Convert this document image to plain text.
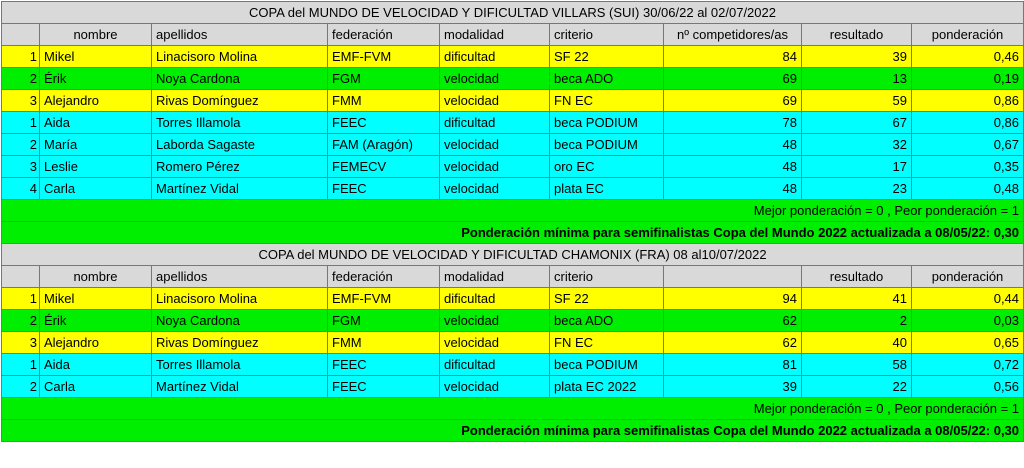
COPA del MUNDO DE VELOCIDAD Y DIFICULTAD VILLARS (SUI) 30/06/22 al 02/07/2022								
	nombre	apellidos	federación	modalidad	criterio	nº competidores/as	resultado	ponderación
1	Mikel	Linacisoro Molina	EMF-FVM	dificultad	SF 22	84	39	0,46
2	Érik	Noya Cardona	FGM	velocidad	beca ADO	69	13	0,19
3	Alejandro	Rivas Domínguez	FMM	velocidad	FN EC	69	59	0,86
1	Aida	Torres Illamola	FEEC	dificultad	beca PODIUM	78	67	0,86
2	María	Laborda Sagaste	FAM (Aragón)	velocidad	beca PODIUM	48	32	0,67
3	Leslie	Romero Pérez	FEMECV	velocidad	oro EC	48	17	0,35
4	Carla	Martínez Vidal	FEEC	velocidad	plata EC	48	23	0,48
Mejor ponderación = 0 , Peor ponderación = 1								
Ponderación mínima para semifinalistas Copa del Mundo 2022 actualizada a 08/05/22: 0,30								
COPA del MUNDO DE VELOCIDAD Y DIFICULTAD CHAMONIX (FRA) 08 al10/07/2022								
	nombre	apellidos	federación	modalidad	criterio		resultado	ponderación
1	Mikel	Linacisoro Molina	EMF-FVM	dificultad	SF 22	94	41	0,44
2	Érik	Noya Cardona	FGM	velocidad	beca ADO	62	2	0,03
3	Alejandro	Rivas Domínguez	FMM	velocidad	FN EC	62	40	0,65
1	Aida	Torres Illamola	FEEC	dificultad	beca PODIUM	81	58	0,72
2	Carla	Martínez Vidal	FEEC	velocidad	plata EC 2022	39	22	0,56
Mejor ponderación = 0 , Peor ponderación = 1								
Ponderación mínima para semifinalistas Copa del Mundo 2022 actualizada a 08/05/22: 0,30								
